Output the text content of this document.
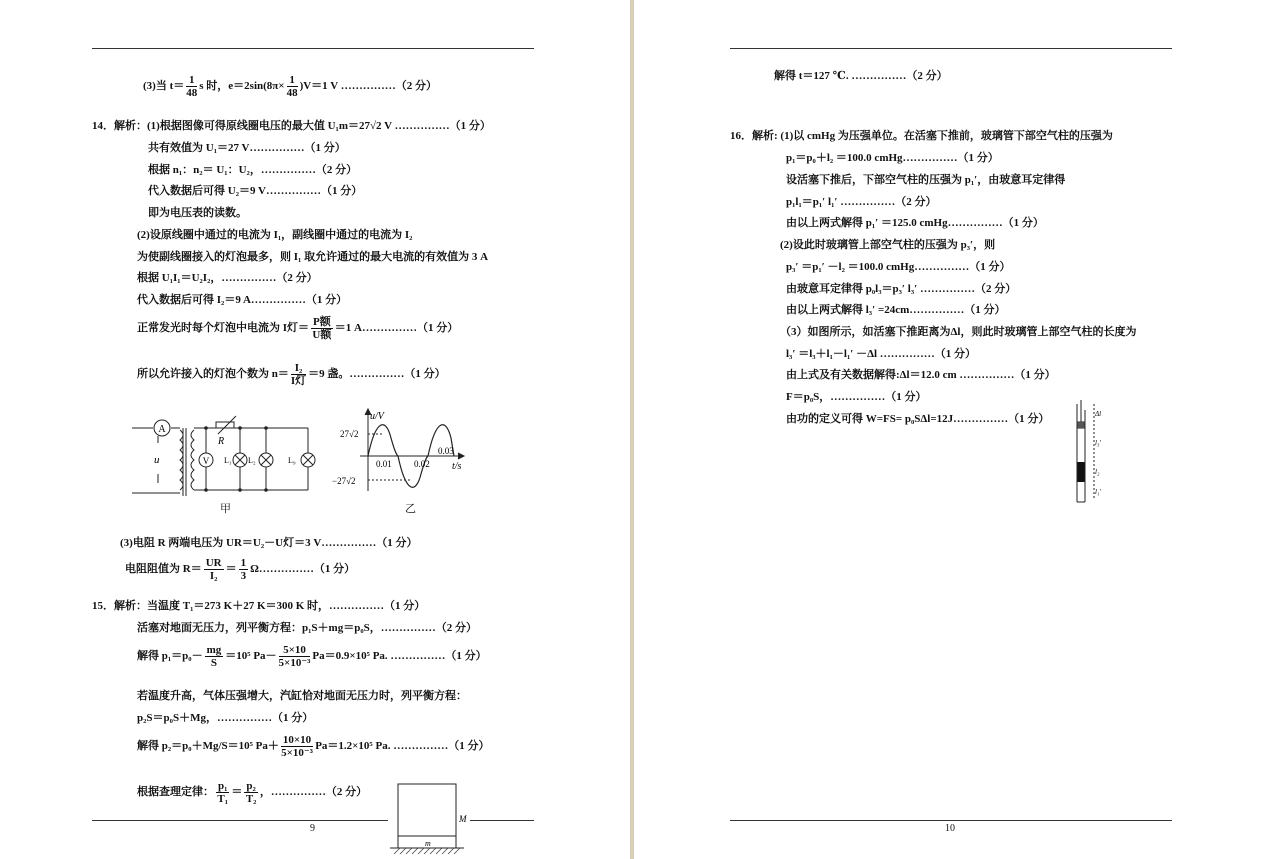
(3)当 $t= \frac{1}{48}$ s 时，$e=2\sin(8\pi\times \frac{1}{48} )V=1$ V ……………（2 分）
14．解析：(1)根据图像可得原线圈电压的最大值 U₁m＝27√2 V ……………（1 分）
共有效值为 U₁＝27 V……………（1 分）
根据 n₁：n₂＝ U₁：U₂，……………（2 分）
代入数据后可得 U₂＝9 V……………（1 分）
即为电压表的读数。
(2)设原线圈中通过的电流为 I₁，副线圈中通过的电流为 I₂
为使副线圈接入的灯泡最多，则 I₁ 取允许通过的最大电流的有效值为 3 A
根据 U₁I₁＝U₂I₂，……………（2 分）
代入数据后可得 I₂＝9 A……………（1 分）
正常发光时每个灯泡中电流为 I灯＝ $\frac{\text{P额}}{\text{U额}} =1$ A……………（1 分）
所以允许接入的灯泡个数为 $n= \frac{\text{I₂}}{\text{I灯}} =9$ 盏。……………（1 分）
A
V
u
R
L₁ L₂	L₉
甲
u/V
t/s
27√2
−27√2
0.01 0.02
0.03
乙
(3)电阻 R 两端电压为 UR＝U₂－U灯＝3 V……………（1 分）
电阻阻值为 $R= \frac{UR}{\text{I₂}} = \frac{1}{3}$ Ω……………（1 分）
15．解析：当温度 T₁＝273 K＋27 K＝300 K 时，……………（1 分）
活塞对地面无压力，列平衡方程：p₁S＋mg＝p₀S，……………（2 分）
解得 $p_1=p_0- \frac{mg}{S} =10^5$ $Pa- \frac{5\times 10}{\text{5×10⁻³}} Pa=0.9\times 10^5$ Pa. ……………（1 分）
若温度升高，气体压强增大，汽缸恰对地面无压力时，列平衡方程：
p₂S＝p₀S＋Mg，……………（1 分）
解得 p₂＝p₀＋Mg/S＝10⁵ $Pa+ \frac{10\times 10}{\text{5×10⁻³}} Pa=1.2\times 10^5$ Pa. ……………（1 分）
根据查理定律： $\frac{\text{p₁}}{\text{T₁}} = \frac{\text{p₂}}{\text{T₂}}$ ，……………（2 分）
M
m
9
解得 t＝127 ℃. ……………（2 分）
16．解析: (1)以 cmHg 为压强单位。在活塞下推前，玻璃管下部空气柱的压强为
p₁＝p₀＋l₂ ＝100.0 cmHg……………（1 分）
设活塞下推后，下部空气柱的压强为 p₁′，由玻意耳定律得
p₁l₁＝p₁′ l₁′ ……………（2 分）
由以上两式解得 p₁′ ＝125.0 cmHg……………（1 分）
(2)设此时玻璃管上部空气柱的压强为 p₃′，则
p₃′ ＝p₁′ －l₂ ＝100.0 cmHg……………（1 分）
由玻意耳定律得 p₀l₃＝p₃′ l₃′ ……………（2 分）
由以上两式解得 l₃′ =24cm……………（1 分）
（3）如图所示，如活塞下推距离为Δl，则此时玻璃管上部空气柱的长度为
l₃′ ＝l₃＋l₁－l₁′ －Δl ……………（1 分）
由上式及有关数据解得:Δl＝12.0 cm ……………（1 分）
F＝p₀S，……………（1 分）
由功的定义可得 W=FS= p₀SΔl=12J……………（1 分）	Δl
l₃′
l₂
l₁′
10
